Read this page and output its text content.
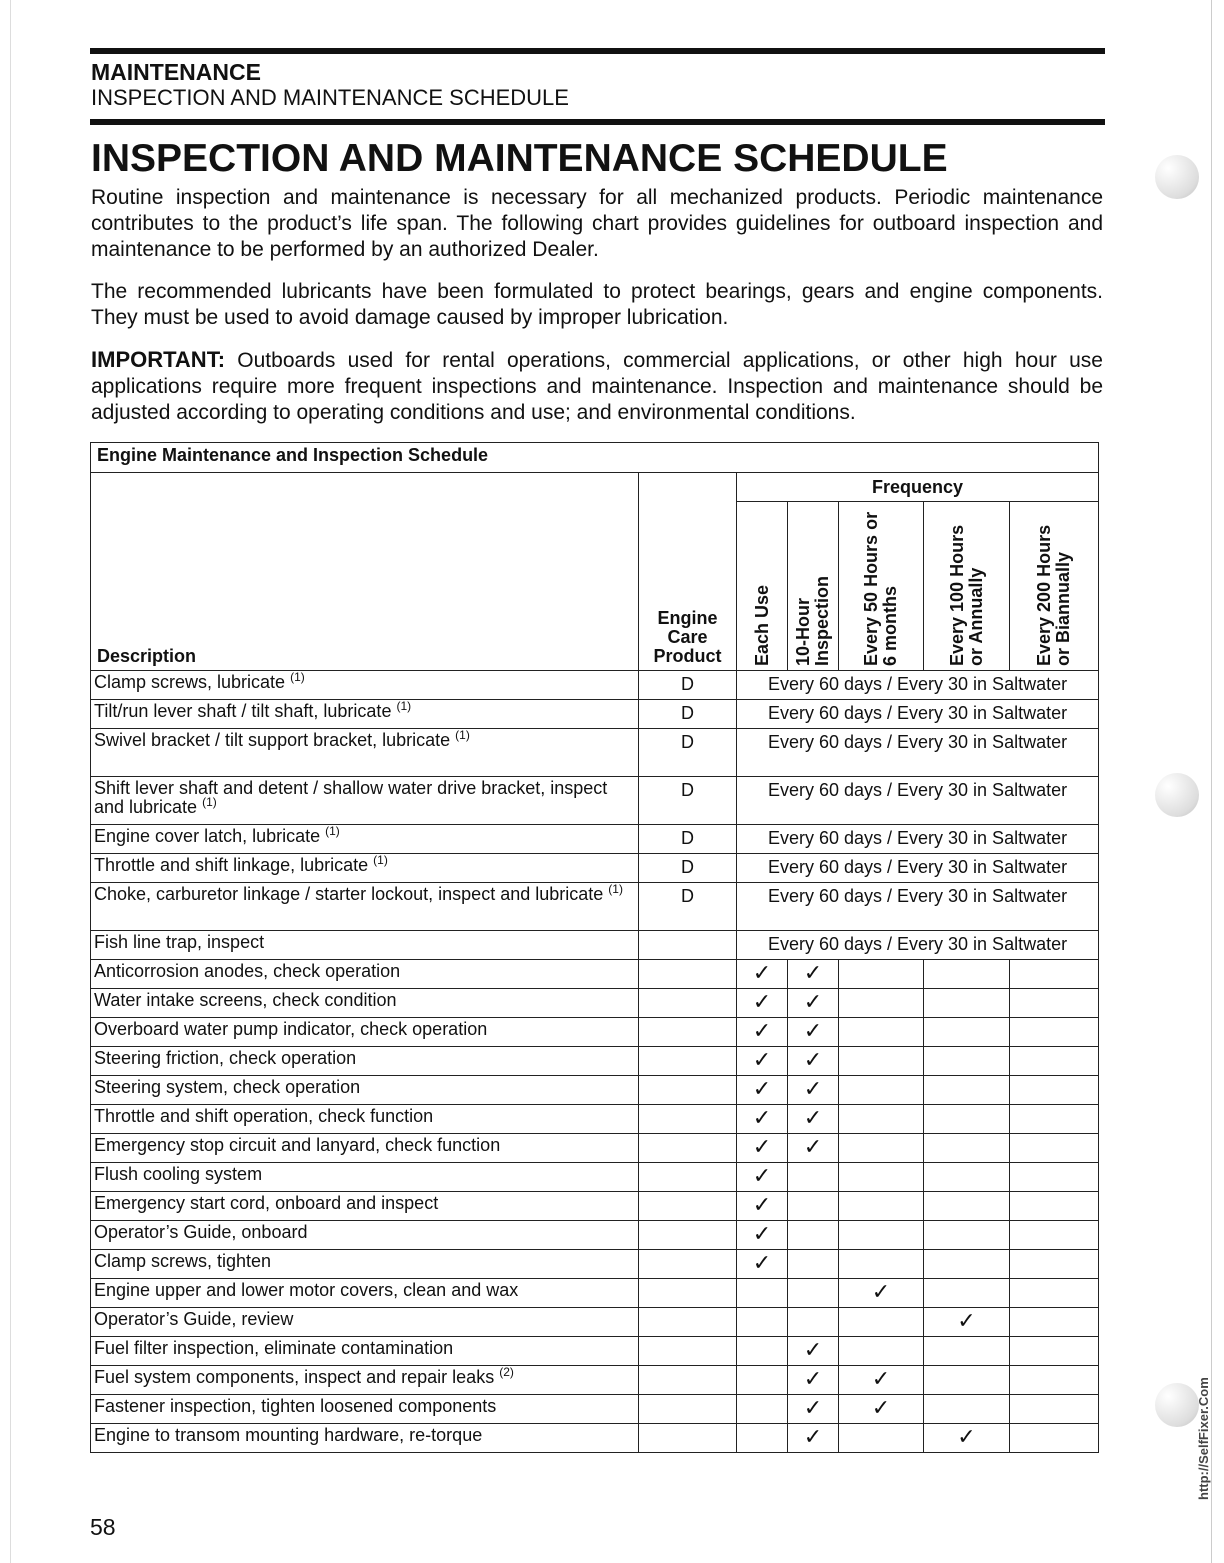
MAINTENANCE
INSPECTION AND MAINTENANCE SCHEDULE
INSPECTION AND MAINTENANCE SCHEDULE
Routine inspection and maintenance is necessary for all mechanized products. Periodic maintenance contributes to the product’s life span. The following chart provides guidelines for outboard inspection and maintenance to be performed by an authorized Dealer.
The recommended lubricants have been formulated to protect bearings, gears and engine components. They must be used to avoid damage caused by improper lubrication.
IMPORTANT: Outboards used for rental operations, commercial applications, or other high hour use applications require more frequent inspections and maintenance. Inspection and maintenance should be adjusted according to operating conditions and use; and environmental conditions.
Engine Maintenance and Inspection Schedule						
Description	Engine Care Product	Frequency				

		Each Use	10-Hour Inspection	Every 50 Hours or 6 months	Every 100 Hours or Annually	Every 200 Hours or Biannually

Clamp screws, lubricate $^{(1)}$	D	Every 60 days / Every 30 in Saltwater				
Tilt/run lever shaft / tilt shaft, lubricate $^{(1)}$	D	Every 60 days / Every 30 in Saltwater				
Swivel bracket / tilt support bracket, lubricate $^{(1)}$	D	Every 60 days / Every 30 in Saltwater				
Shift lever shaft and detent / shallow water drive bracket, inspect and lubricate $^{(1)}$	D	Every 60 days / Every 30 in Saltwater				
Engine cover latch, lubricate $^{(1)}$	D	Every 60 days / Every 30 in Saltwater				
Throttle and shift linkage, lubricate $^{(1)}$	D	Every 60 days / Every 30 in Saltwater				
Choke, carburetor linkage / starter lockout, inspect and lubricate $^{(1)}$	D	Every 60 days / Every 30 in Saltwater				
Fish line trap, inspect		Every 60 days / Every 30 in Saltwater				
Anticorrosion anodes, check operation		✓	✓			
Water intake screens, check condition		✓	✓			
Overboard water pump indicator, check operation		✓	✓			
Steering friction, check operation		✓	✓			
Steering system, check operation		✓	✓			
Throttle and shift operation, check function		✓	✓			
Emergency stop circuit and lanyard, check function		✓	✓			
Flush cooling system		✓				
Emergency start cord, onboard and inspect		✓				
Operator’s Guide, onboard		✓				
Clamp screws, tighten		✓				
Engine upper and lower motor covers, clean and wax				✓		
Operator’s Guide, review					✓	
Fuel filter inspection, eliminate contamination			✓			
Fuel system components, inspect and repair leaks $^{(2)}$			✓	✓		
Fastener inspection, tighten loosened components			✓	✓		
Engine to transom mounting hardware, re-torque			✓		✓	
58
http://SelfFixer.Com
